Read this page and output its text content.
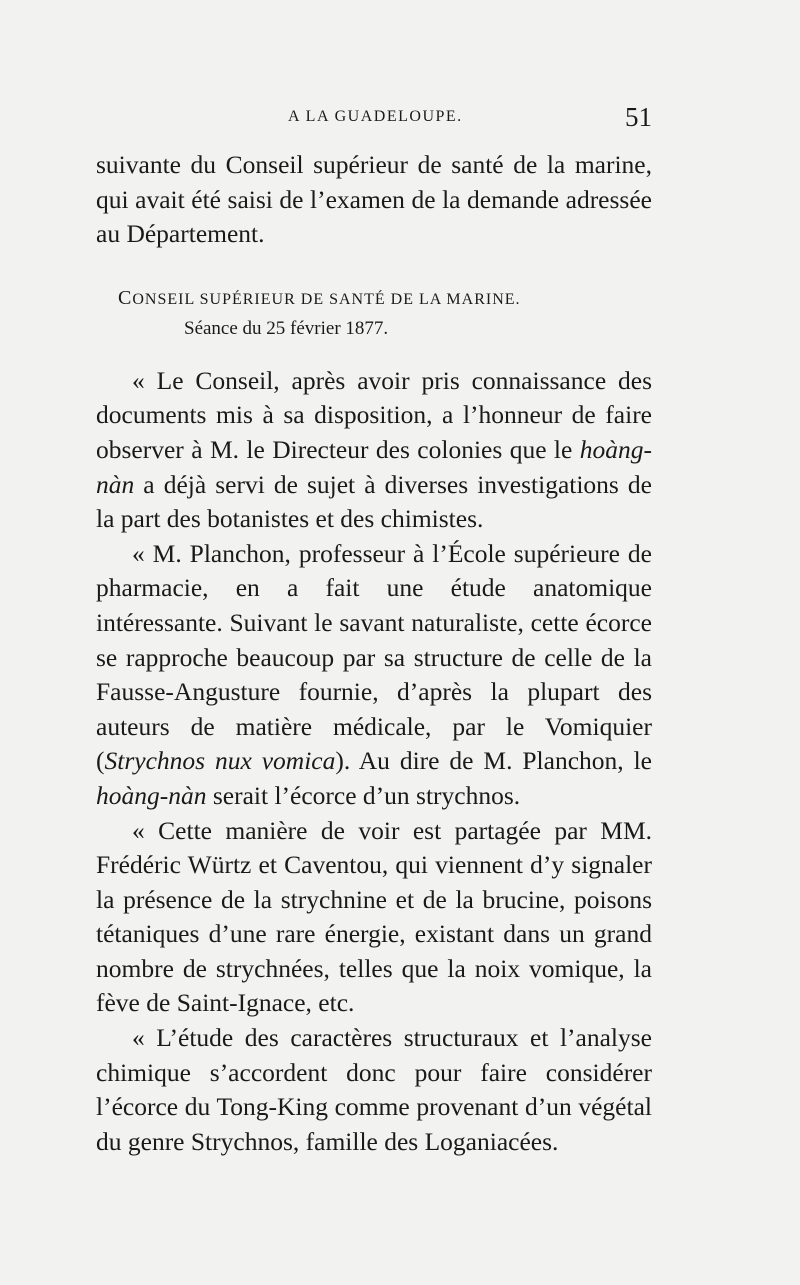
A LA GUADELOUPE.	51

suivante du Conseil supérieur de santé de la marine, qui avait été saisi de l’examen de la demande adressée au Département.

CONSEIL SUPÉRIEUR DE SANTÉ DE LA MARINE.

Séance du 25 février 1877.

« Le Conseil, après avoir pris connaissance des documents mis à sa disposition, a l’honneur de faire observer à M. le Directeur des colonies que le hoàng-nàn a déjà servi de sujet à diverses investigations de la part des botanistes et des chimistes.

« M. Planchon, professeur à l’École supérieure de pharmacie, en a fait une étude anatomique intéressante. Suivant le savant naturaliste, cette écorce se rapproche beaucoup par sa structure de celle de la Fausse-Angusture fournie, d’après la plupart des auteurs de matière médicale, par le Vomiquier (Strychnos nux vomica). Au dire de M. Planchon, le hoàng-nàn serait l’écorce d’un strychnos.

« Cette manière de voir est partagée par MM. Frédéric Würtz et Caventou, qui viennent d’y signaler la présence de la strychnine et de la brucine, poisons tétaniques d’une rare énergie, existant dans un grand nombre de strychnées, telles que la noix vomique, la fève de Saint-Ignace, etc.

« L’étude des caractères structuraux et l’analyse chimique s’accordent donc pour faire considérer l’écorce du Tong-King comme provenant d’un végétal du genre Strychnos, famille des Loganiacées.
